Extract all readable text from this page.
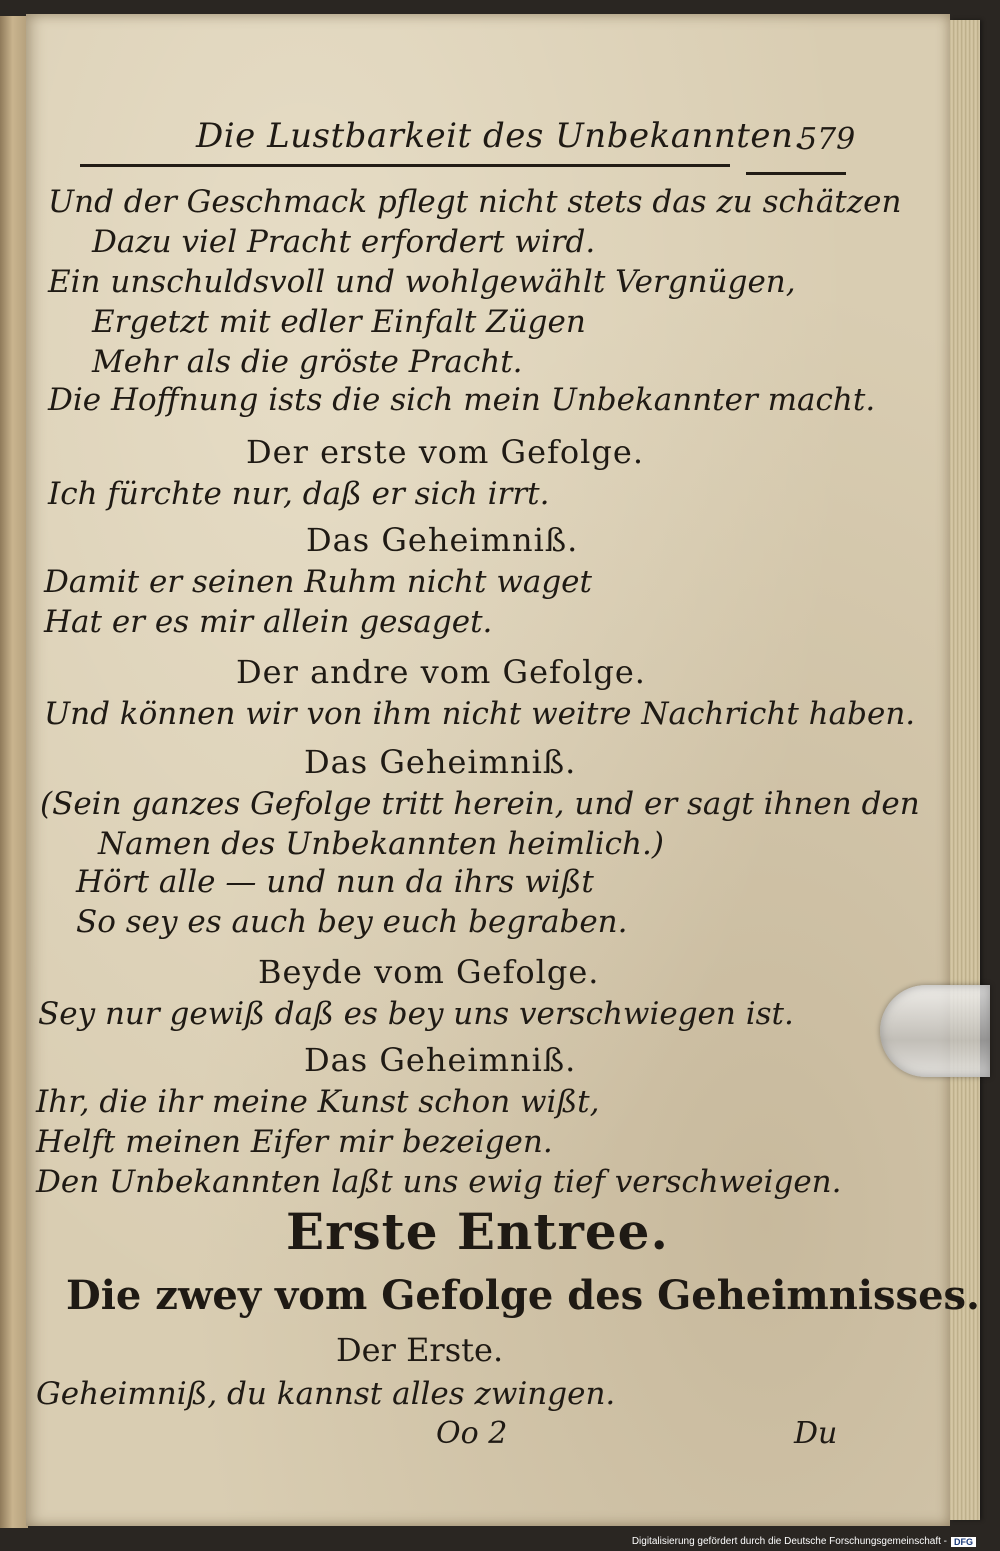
Die Lustbarkeit des Unbekannten.
579
Und der Geschmack pflegt nicht stets das zu schätzen
Dazu viel Pracht erfordert wird.
Ein unschuldsvoll und wohlgewählt Vergnügen,
Ergetzt mit edler Einfalt Zügen
Mehr als die gröste Pracht.
Die Hoffnung ists die sich mein Unbekannter macht.
Der erste vom Gefolge.
Ich fürchte nur, daß er sich irrt.
Das Geheimniß.
Damit er seinen Ruhm nicht waget
Hat er es mir allein gesaget.
Der andre vom Gefolge.
Und können wir von ihm nicht weitre Nachricht haben.
Das Geheimniß.
(Sein ganzes Gefolge tritt herein, und er sagt ihnen den
Namen des Unbekannten heimlich.)
Hört alle — und nun da ihrs wißt
So sey es auch bey euch begraben.
Beyde vom Gefolge.
Sey nur gewiß daß es bey uns verschwiegen ist.
Das Geheimniß.
Ihr, die ihr meine Kunst schon wißt,
Helft meinen Eifer mir bezeigen.
Den Unbekannten laßt uns ewig tief verschweigen.
Erste Entree.
Die zwey vom Gefolge des Geheimnisses.
Der Erste.
Geheimniß, du kannst alles zwingen.
Oo 2	Du
Digitalisierung gefördert durch die Deutsche Forschungsgemeinschaft - DFG
